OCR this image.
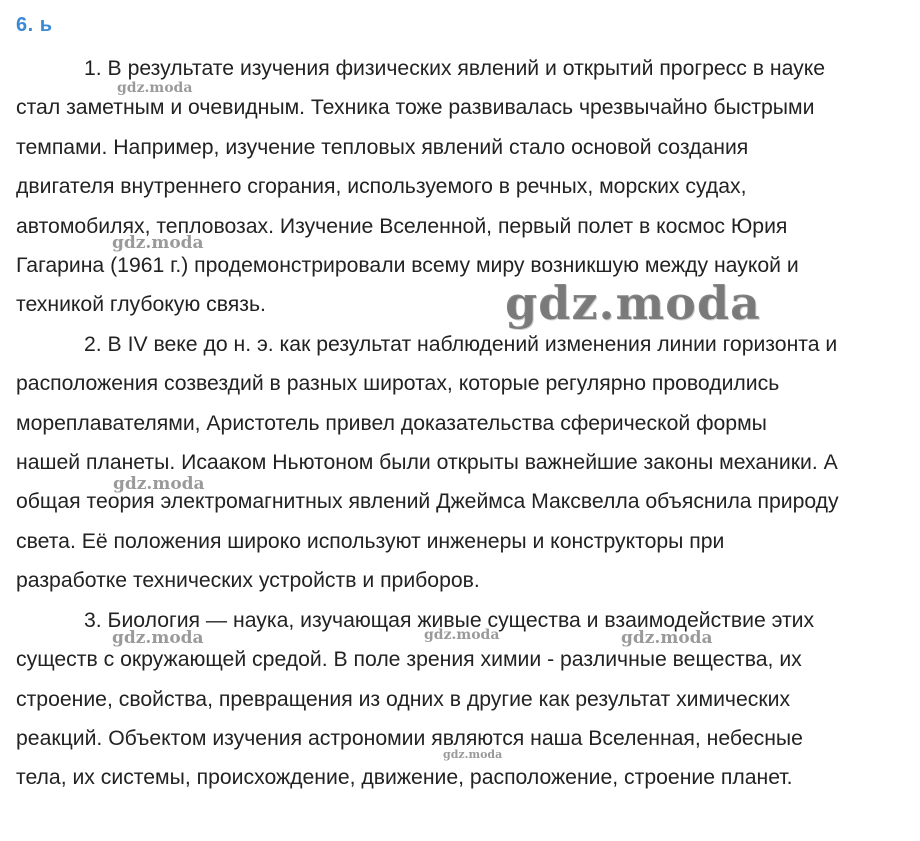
6. ь

1. В результате изучения физических явлений и открытий прогресс в науке
стал заметным и очевидным. Техника тоже развивалась чрезвычайно быстрыми
темпами. Например, изучение тепловых явлений стало основой создания
двигателя внутреннего сгорания, используемого в речных, морских судах,
автомобилях, тепловозах. Изучение Вселенной, первый полет в космос Юрия
Гагарина (1961 г.) продемонстрировали всему миру возникшую между наукой и
техникой глубокую связь.

2. В IV веке до н. э. как результат наблюдений изменения линии горизонта и
расположения созвездий в разных широтах, которые регулярно проводились
мореплавателями, Аристотель привел доказательства сферической формы
нашей планеты. Исааком Ньютоном были открыты важнейшие законы механики. А
общая теория электромагнитных явлений Джеймса Максвелла объяснила природу
света. Её положения широко используют инженеры и конструкторы при
разработке технических устройств и приборов.

3. Биология — наука, изучающая живые существа и взаимодействие этих
существ с окружающей средой. В поле зрения химии - различные вещества, их
строение, свойства, превращения из одних в другие как результат химических
реакций. Объектом изучения астрономии являются наша Вселенная, небесные
тела, их системы, происхождение, движение, расположение, строение планет.

gdz.moda
gdz.moda
gdz.moda
gdz.moda
gdz.moda	gdz.moda	gdz.moda
gdz.moda
